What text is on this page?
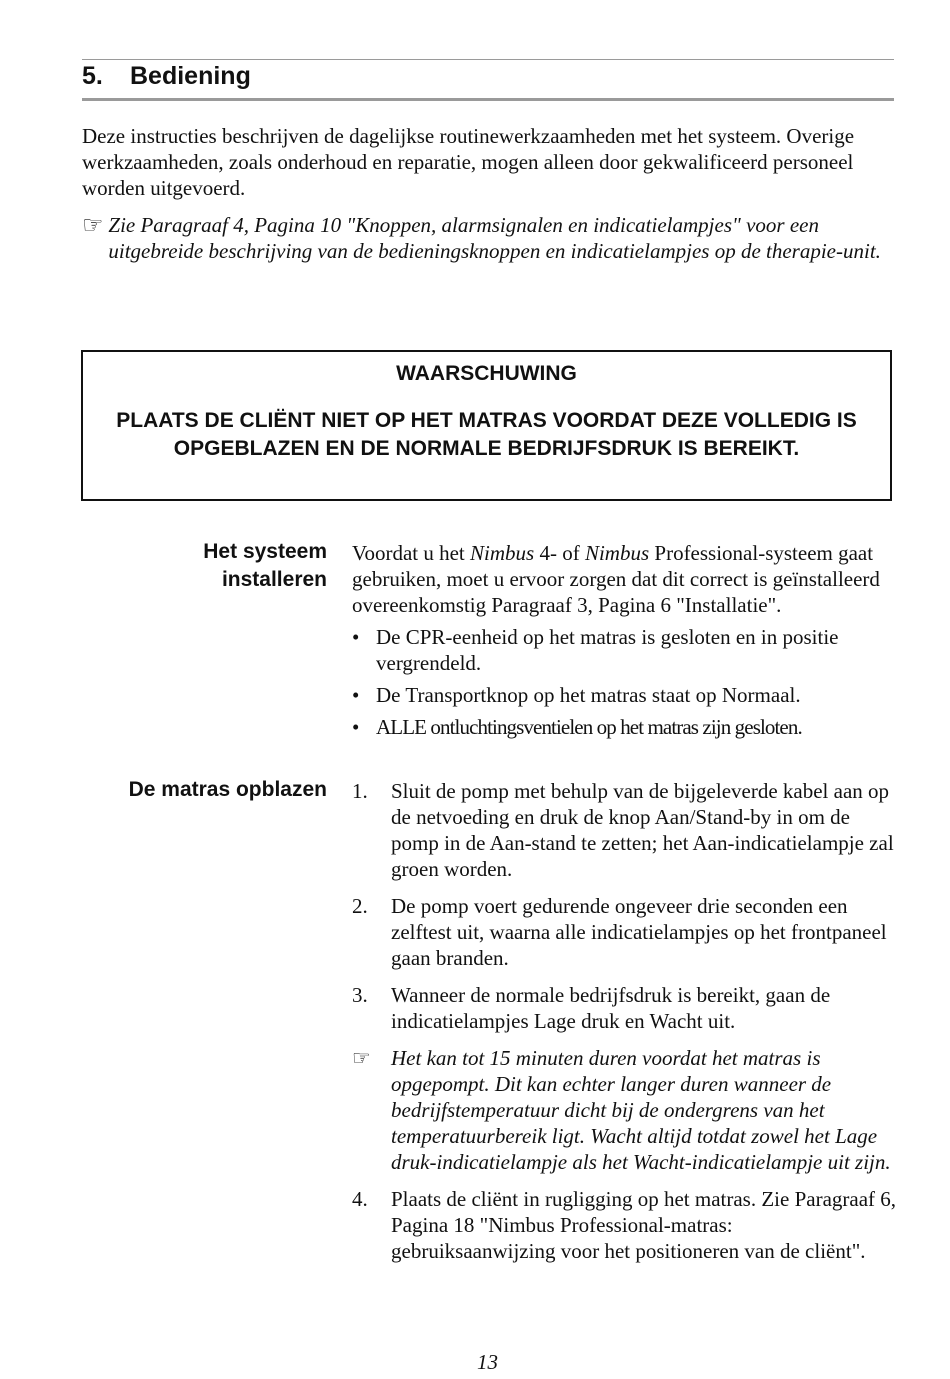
5. Bediening

Deze instructies beschrijven de dagelijkse routinewerkzaamheden met het systeem. Overige werkzaamheden, zoals onderhoud en reparatie, mogen alleen door gekwalificeerd personeel worden uitgevoerd.

☞ Zie Paragraaf 4, Pagina 10 "Knoppen, alarmsignalen en indicatielampjes" voor een uitgebreide beschrijving van de bedieningsknoppen en indicatielampjes op de therapie-unit.
WAARSCHUWING
PLAATS DE CLIËNT NIET OP HET MATRAS VOORDAT DEZE VOLLEDIG IS OPGEBLAZEN EN DE NORMALE BEDRIJFSDRUK IS BEREIKT.
Het systeem
installeren

Voordat u het Nimbus 4- of Nimbus Professional-systeem gaat gebruiken, moet u ervoor zorgen dat dit correct is geïnstalleerd overeenkomstig Paragraaf 3, Pagina 6 "Installatie".

• De CPR-eenheid op het matras is gesloten en in positie vergrendeld.
• De Transportknop op het matras staat op Normaal.
• ALLE ontluchtingsventielen op het matras zijn gesloten.
De matras opblazen 1.	Sluit de pomp met behulp van de bijgeleverde kabel aan op de netvoeding en druk de knop Aan/Stand-by in om de pomp in de Aan-stand te zetten; het Aan-indicatielampje zal groen worden.
2.	De pomp voert gedurende ongeveer drie seconden een zelftest uit, waarna alle indicatielampjes op het frontpaneel gaan branden.
3.	Wanneer de normale bedrijfsdruk is bereikt, gaan de indicatielampjes Lage druk en Wacht uit.
☞ Het kan tot 15 minuten duren voordat het matras is opgepompt. Dit kan echter langer duren wanneer de bedrijfstemperatuur dicht bij de ondergrens van het temperatuurbereik ligt. Wacht altijd totdat zowel het Lage druk-indicatielampje als het Wacht-indicatielampje uit zijn.
4.	Plaats de cliënt in rugligging op het matras. Zie Paragraaf 6, Pagina 18 "Nimbus Professional-matras: gebruiksaanwijzing voor het positioneren van de cliënt".
13
